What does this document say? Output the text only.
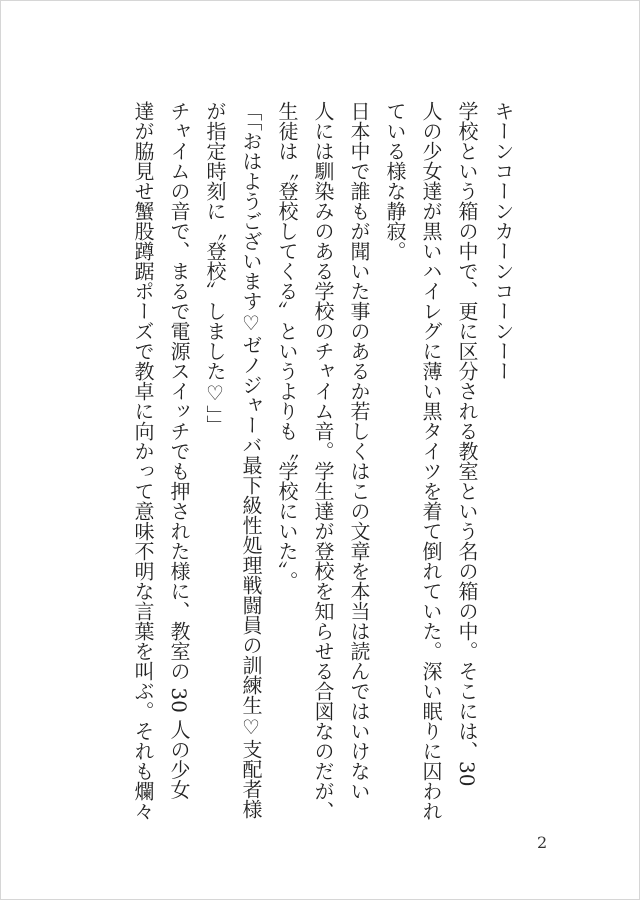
キーンコーンカーンコーンーー

学校という箱の中で、更に区分される教室という名の箱の中。そこには、30

人の少女達が黒いハイレグに薄い黒タイツを着て倒れていた。深い眠りに囚われ

ている様な静寂。

日本中で誰もが聞いた事のあるか若しくはこの文章を本当は読んではいけない

人には馴染みのある学校のチャイム音。学生達が登校を知らせる合図なのだが、

生徒は〝登校してくる〟というよりも〝学校にいた〟。

「「おはようございます♡ゼノジャーバ最下級性処理戦闘員の訓練生♡支配者様

が指定時刻に〝登校〟しました♡」」

チャイムの音で、まるで電源スイッチでも押された様に、教室の 30 人の少女

達が脇見せ蟹股蹲踞ポーズで教卓に向かって意味不明な言葉を叫ぶ。それも爛々

2
